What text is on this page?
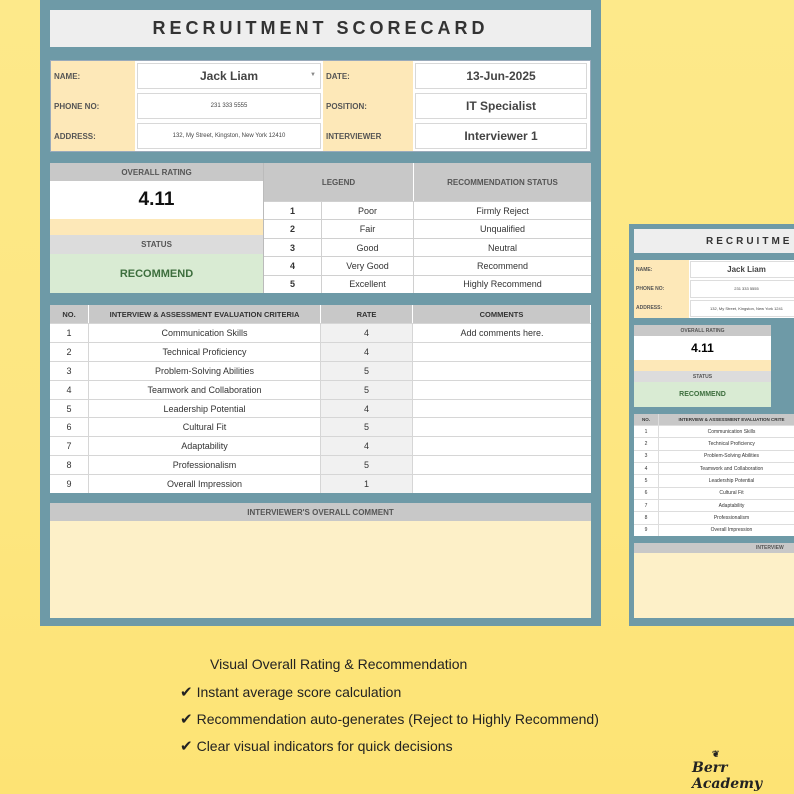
RECRUITMENT SCORECARD
NAME:	Jack Liam	▼	DATE:	13-Jun-2025
PHONE NO:	231 333 5555	POSITION:	IT Specialist
ADDRESS:	132, My Street, Kingston, New York 12410	INTERVIEWER	Interviewer 1
OVERALL RATING
4.11
STATUS
RECOMMEND
LEGEND	RECOMMENDATION STATUS
1	Poor	Firmly Reject
2	Fair	Unqualified
3	Good	Neutral
4	Very Good	Recommend
5	Excellent	Highly Recommend
NO.	INTERVIEW & ASSESSMENT EVALUATION CRITERIA	RATE	COMMENTS
1	Communication Skills	4	Add comments here.
2	Technical Proficiency	4
3	Problem-Solving Abilities	5
4	Teamwork and Collaboration	5
5	Leadership Potential	4
6	Cultural Fit	5
7	Adaptability	4
8	Professionalism	5
9	Overall Impression	1
INTERVIEWER'S OVERALL COMMENT
RECRUITME
NAME:	Jack Liam
PHONE NO:	231 333 5555
ADDRESS:	132, My Street, Kingston, New York 1241
OVERALL RATING
4.11
STATUS
RECOMMEND
NO.	INTERVIEW & ASSESSMENT EVALUATION CRITE
1	Communication Skills
2	Technical Proficiency
3	Problem-Solving Abilities
4	Teamwork and Collaboration
5	Leadership Potential
6	Cultural Fit
7	Adaptability
8	Professionalism
9	Overall Impression
INTERVIEW
Visual Overall Rating & Recommendation
✔ Instant average score calculation
✔ Recommendation auto-generates (Reject to Highly Recommend)
✔ Clear visual indicators for quick decisions
❦
Berr Academy
